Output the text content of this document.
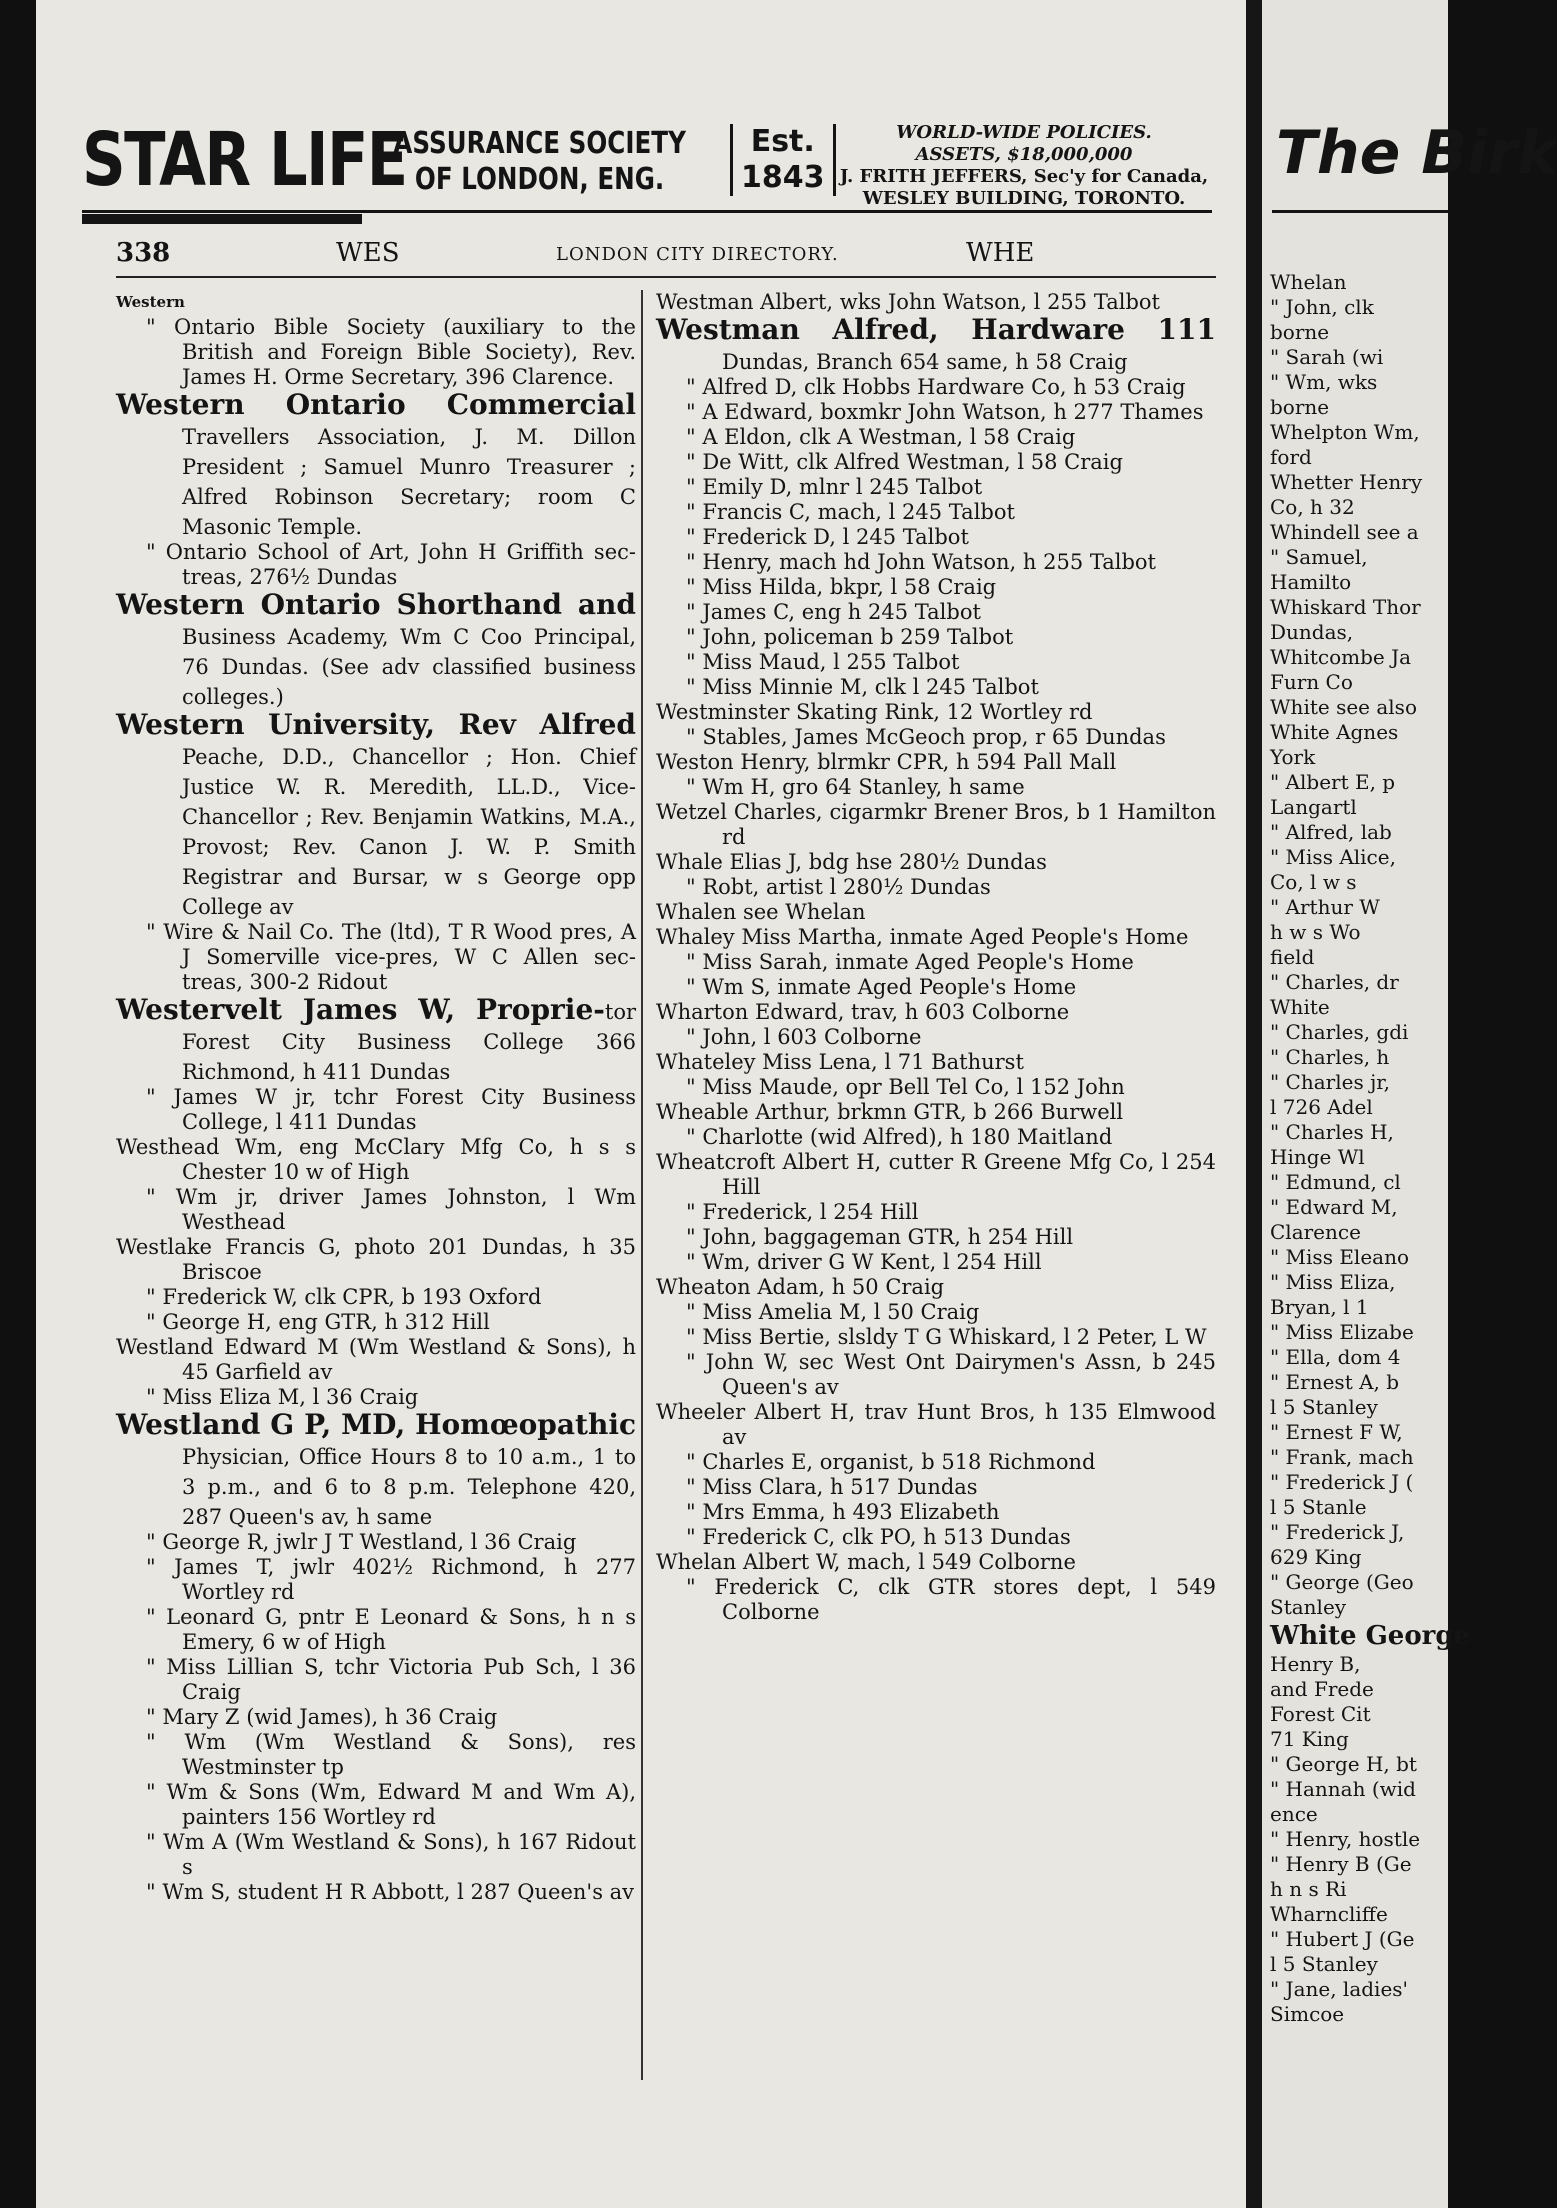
STAR LIFE
ASSURANCE SOCIETY
OF LONDON, ENG.
Est.
1843
WORLD-WIDE POLICIES.
ASSETS, $18,000,000
J. FRITH JEFFERS, Sec'y for Canada,
WESLEY BUILDING, TORONTO.
338	WES	LONDON CITY DIRECTORY.	WHE

Western

" Ontario Bible Society (auxiliary to the British and Foreign Bible Society), Rev. James H. Orme Secretary, 396 Clarence.

Western Ontario Commercial Travellers Association, J. M. Dillon President ; Samuel Munro Treasurer ; Alfred Robinson Secretary; room C Masonic Temple.

" Ontario School of Art, John H Griffith sec-treas, 276½ Dundas

Western Ontario Shorthand and Business Academy, Wm C Coo Principal, 76 Dundas. (See adv classified business colleges.)

Western University, Rev Alfred Peache, D.D., Chancellor ; Hon. Chief Justice W. R. Meredith, LL.D., Vice-Chancellor ; Rev. Benjamin Watkins, M.A., Provost; Rev. Canon J. W. P. Smith Registrar and Bursar, w s George opp College av

" Wire & Nail Co. The (ltd), T R Wood pres, A J Somerville vice-pres, W C Allen sec-treas, 300-2 Ridout

Westervelt James W, Proprie-tor Forest City Business College 366 Richmond, h 411 Dundas

" James W jr, tchr Forest City Business College, l 411 Dundas

Westhead Wm, eng McClary Mfg Co, h s s Chester 10 w of High

" Wm jr, driver James Johnston, l Wm Westhead

Westlake Francis G, photo 201 Dundas, h 35 Briscoe

" Frederick W, clk CPR, b 193 Oxford

" George H, eng GTR, h 312 Hill

Westland Edward M (Wm Westland & Sons), h 45 Garfield av

" Miss Eliza M, l 36 Craig

Westland G P, MD, Homœopathic Physician, Office Hours 8 to 10 a.m., 1 to 3 p.m., and 6 to 8 p.m. Telephone 420, 287 Queen's av, h same

" George R, jwlr J T Westland, l 36 Craig

" James T, jwlr 402½ Richmond, h 277 Wortley rd

" Leonard G, pntr E Leonard & Sons, h n s Emery, 6 w of High

" Miss Lillian S, tchr Victoria Pub Sch, l 36 Craig

" Mary Z (wid James), h 36 Craig

" Wm (Wm Westland & Sons), res Westminster tp

" Wm & Sons (Wm, Edward M and Wm A), painters 156 Wortley rd

" Wm A (Wm Westland & Sons), h 167 Ridout s

" Wm S, student H R Abbott, l 287 Queen's av

Westman Albert, wks John Watson, l 255 Talbot

Westman Alfred, Hardware 111 Dundas, Branch 654 same, h 58 Craig

" Alfred D, clk Hobbs Hardware Co, h 53 Craig

" A Edward, boxmkr John Watson, h 277 Thames

" A Eldon, clk A Westman, l 58 Craig

" De Witt, clk Alfred Westman, l 58 Craig

" Emily D, mlnr l 245 Talbot

" Francis C, mach, l 245 Talbot

" Frederick D, l 245 Talbot

" Henry, mach hd John Watson, h 255 Talbot

" Miss Hilda, bkpr, l 58 Craig

" James C, eng h 245 Talbot

" John, policeman b 259 Talbot

" Miss Maud, l 255 Talbot

" Miss Minnie M, clk l 245 Talbot

Westminster Skating Rink, 12 Wortley rd

" Stables, James McGeoch prop, r 65 Dundas

Weston Henry, blrmkr CPR, h 594 Pall Mall

" Wm H, gro 64 Stanley, h same

Wetzel Charles, cigarmkr Brener Bros, b 1 Hamilton rd

Whale Elias J, bdg hse 280½ Dundas

" Robt, artist l 280½ Dundas

Whalen see Whelan

Whaley Miss Martha, inmate Aged People's Home

" Miss Sarah, inmate Aged People's Home

" Wm S, inmate Aged People's Home

Wharton Edward, trav, h 603 Colborne

" John, l 603 Colborne

Whateley Miss Lena, l 71 Bathurst

" Miss Maude, opr Bell Tel Co, l 152 John

Wheable Arthur, brkmn GTR, b 266 Burwell

" Charlotte (wid Alfred), h 180 Maitland

Wheatcroft Albert H, cutter R Greene Mfg Co, l 254 Hill

" Frederick, l 254 Hill

" John, baggageman GTR, h 254 Hill

" Wm, driver G W Kent, l 254 Hill

Wheaton Adam, h 50 Craig

" Miss Amelia M, l 50 Craig

" Miss Bertie, slsldy T G Whiskard, l 2 Peter, L W

" John W, sec West Ont Dairymen's Assn, b 245 Queen's av

Wheeler Albert H, trav Hunt Bros, h 135 Elmwood av

" Charles E, organist, b 518 Richmond

" Miss Clara, h 517 Dundas

" Mrs Emma, h 493 Elizabeth

" Frederick C, clk PO, h 513 Dundas

Whelan Albert W, mach, l 549 Colborne

" Frederick C, clk GTR stores dept, l 549 Colborne

The Birk

Whelan

" John, clk

borne

" Sarah (wi

" Wm, wks

borne

Whelpton Wm,

ford

Whetter Henry

Co, h 32

Whindell see a

" Samuel,

Hamilto

Whiskard Thor

Dundas,

Whitcombe Ja

Furn Co

White see also

White Agnes

York

" Albert E, p

Langartl

" Alfred, lab

" Miss Alice,

Co, l w s

" Arthur W

h w s Wo

field

" Charles, dr

White

" Charles, gdi

" Charles, h

" Charles jr,

l 726 Adel

" Charles H,

Hinge Wl

" Edmund, cl

" Edward M,

Clarence

" Miss Eleano

" Miss Eliza,

Bryan, l 1

" Miss Elizabe

" Ella, dom 4

" Ernest A, b

l 5 Stanley

" Ernest F W,

" Frank, mach

" Frederick J (

l 5 Stanle

" Frederick J,

629 King

" George (Geo

Stanley

White George

Henry B,

and Frede

Forest Cit

71 King

" George H, bt

" Hannah (wid

ence

" Henry, hostle

" Henry B (Ge

h n s Ri

Wharncliffe

" Hubert J (Ge

l 5 Stanley

" Jane, ladies'

Simcoe
